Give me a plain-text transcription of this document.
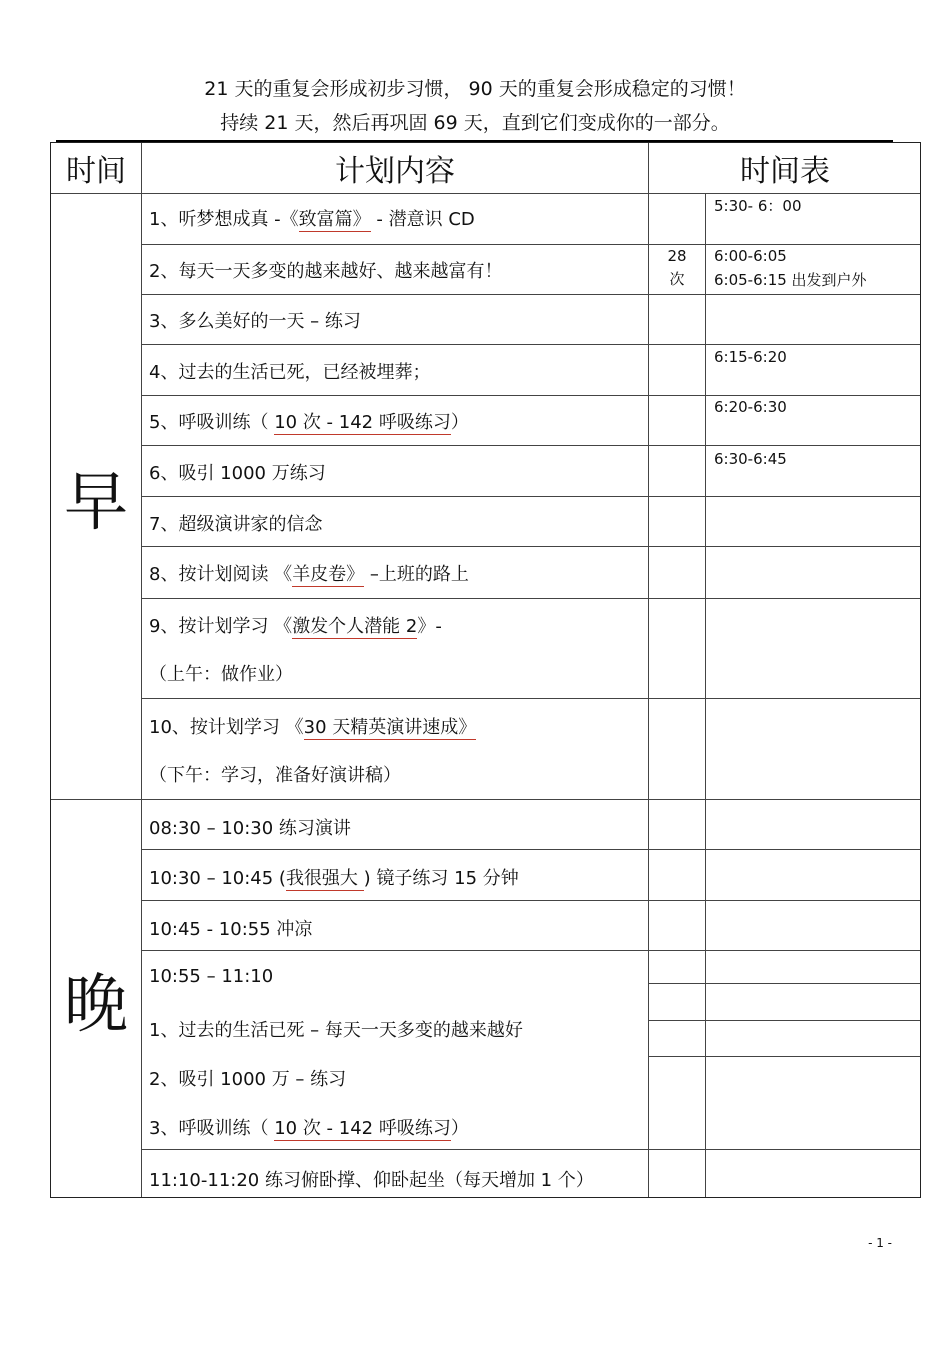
21 天的重复会形成初步习惯， 90 天的重复会形成稳定的习惯！
持续 21 天，然后再巩固 69 天，直到它们变成你的一部分。
时间	计划内容	时间表
早
晚
1、听梦想成真 -《致富篇》 - 潜意识 CD
2、每天一天多变的越来越好、越来越富有！
3、多么美好的一天 – 练习
4、过去的生活已死，已经被埋葬；
5、呼吸训练（ 10 次 - 142 呼吸练习）
6、吸引 1000 万练习
7、超级演讲家的信念
8、按计划阅读 《羊皮卷》 –上班的路上
9、按计划学习 《激发个人潜能 2》-
（上午：做作业）
10、按计划学习 《30 天精英演讲速成》
（下午：学习，准备好演讲稿）
28
次
5:30- 6：00
6:00-6:05
6:05-6:15 出发到户外
6:15-6:20
6:20-6:30
6:30-6:45
08:30 – 10:30 练习演讲
10:30 – 10:45 (我很强大 ) 镜子练习 15 分钟
10:45 - 10:55 冲凉
10:55 – 11:10
1、过去的生活已死 – 每天一天多变的越来越好
2、吸引 1000 万 – 练习
3、呼吸训练（ 10 次 - 142 呼吸练习）
11:10-11:20 练习俯卧撑、仰卧起坐（每天增加 1 个）
- 1 -
